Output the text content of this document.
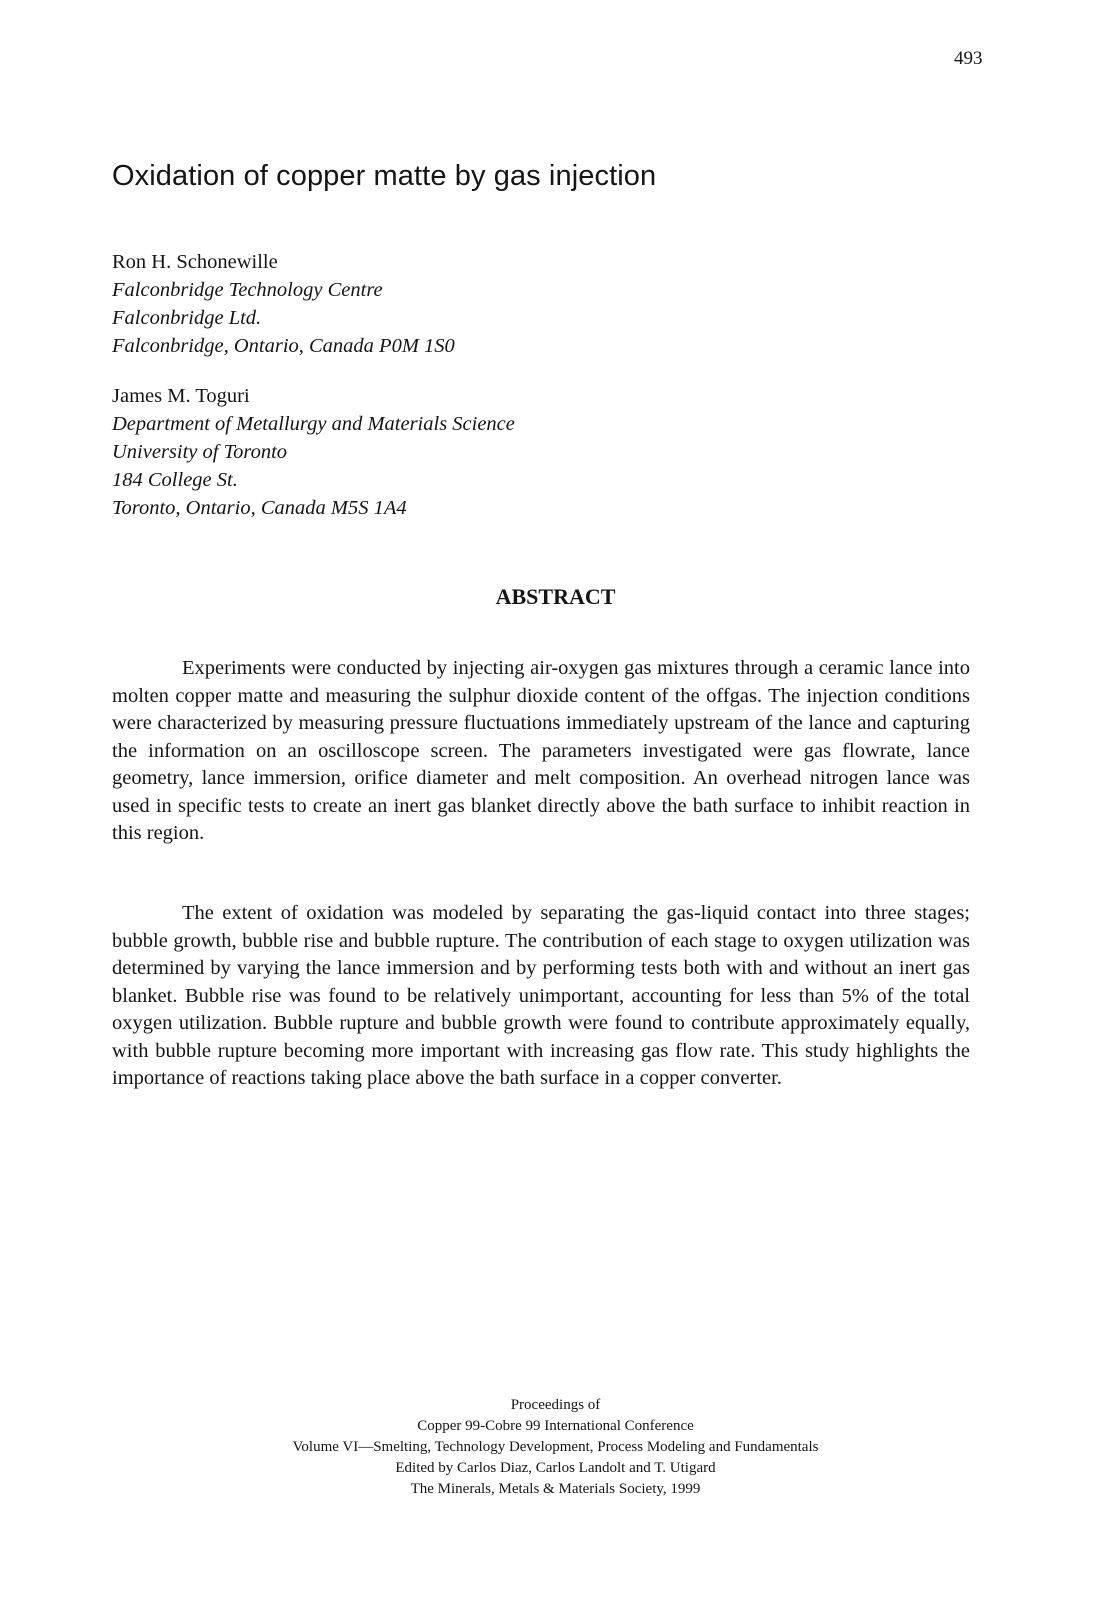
493
Oxidation of copper matte by gas injection
Ron H. Schonewille
Falconbridge Technology Centre
Falconbridge Ltd.
Falconbridge, Ontario, Canada P0M 1S0
James M. Toguri
Department of Metallurgy and Materials Science
University of Toronto
184 College St.
Toronto, Ontario, Canada M5S 1A4
ABSTRACT

Experiments were conducted by injecting air-oxygen gas mixtures through a ceramic lance into molten copper matte and measuring the sulphur dioxide content of the offgas. The injection conditions were characterized by measuring pressure fluctuations immediately upstream of the lance and capturing the information on an oscilloscope screen. The parameters investigated were gas flowrate, lance geometry, lance immersion, orifice diameter and melt composition. An overhead nitrogen lance was used in specific tests to create an inert gas blanket directly above the bath surface to inhibit reaction in this region.

The extent of oxidation was modeled by separating the gas-liquid contact into three stages; bubble growth, bubble rise and bubble rupture. The contribution of each stage to oxygen utilization was determined by varying the lance immersion and by performing tests both with and without an inert gas blanket. Bubble rise was found to be relatively unimportant, accounting for less than 5% of the total oxygen utilization. Bubble rupture and bubble growth were found to contribute approximately equally, with bubble rupture becoming more important with increasing gas flow rate. This study highlights the importance of reactions taking place above the bath surface in a copper converter.

Proceedings of
Copper 99-Cobre 99 International Conference
Volume VI—Smelting, Technology Development, Process Modeling and Fundamentals
Edited by Carlos Diaz, Carlos Landolt and T. Utigard
The Minerals, Metals & Materials Society, 1999
